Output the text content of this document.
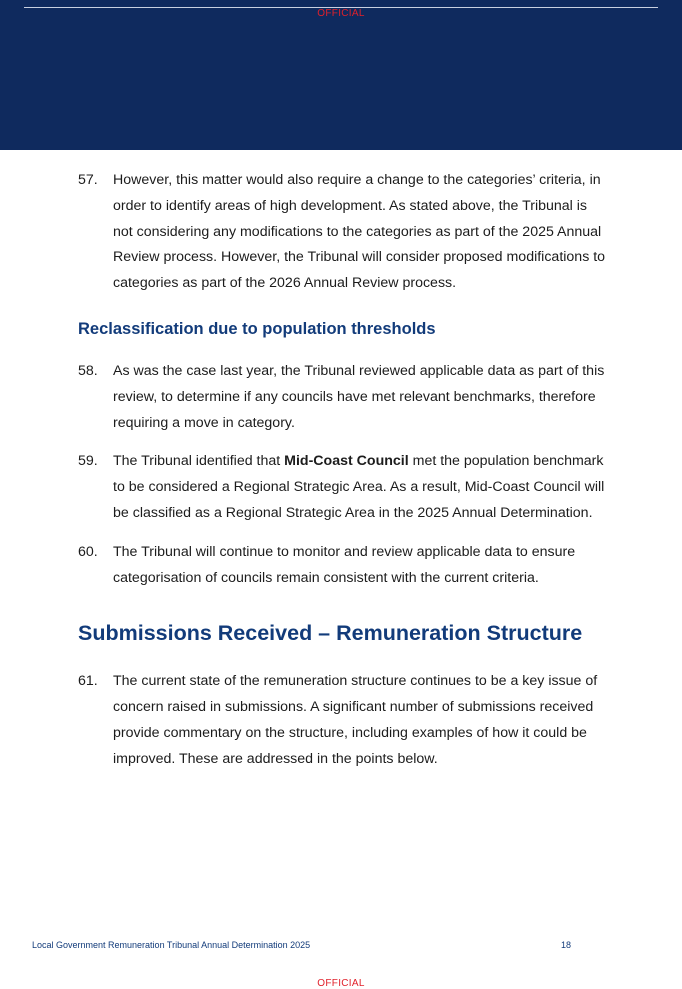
OFFICIAL
57.	However, this matter would also require a change to the categories’ criteria, in order to identify areas of high development. As stated above, the Tribunal is not considering any modifications to the categories as part of the 2025 Annual Review process. However, the Tribunal will consider proposed modifications to categories as part of the 2026 Annual Review process.
Reclassification due to population thresholds
58.	As was the case last year, the Tribunal reviewed applicable data as part of this review, to determine if any councils have met relevant benchmarks, therefore requiring a move in category.
59.	The Tribunal identified that Mid-Coast Council met the population benchmark to be considered a Regional Strategic Area. As a result, Mid-Coast Council will be classified as a Regional Strategic Area in the 2025 Annual Determination.
60.	The Tribunal will continue to monitor and review applicable data to ensure categorisation of councils remain consistent with the current criteria.
Submissions Received – Remuneration Structure
61.	The current state of the remuneration structure continues to be a key issue of concern raised in submissions. A significant number of submissions received provide commentary on the structure, including examples of how it could be improved. These are addressed in the points below.
Local Government Remuneration Tribunal Annual Determination 2025	18
OFFICIAL
